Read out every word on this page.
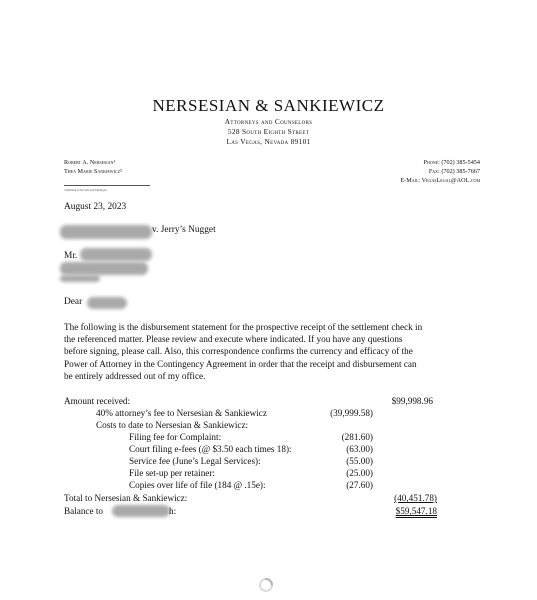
NERSESIAN & SANKIEWICZ
Attorneys and Counselors
528 South Eighth Street
Las Vegas, Nevada 89101
Robert A. Nersesian¹
Thea Marie Sankiewicz²
¹Admitted in Nevada and Michigan
Phone: (702) 385-5454
Fax: (702) 385-7667
E-Mail: VegasLegal@AOL.com
August 23, 2023
v. Jerry’s Nugget
Mr.
Dear
The following is the disbursement statement for the prospective receipt of the settlement check in
the referenced matter. Please review and execute where indicated. If you have any questions
before signing, please call. Also, this correspondence confirms the currency and efficacy of the
Power of Attorney in the Contingency Agreement in order that the receipt and disbursement can
be entirely addressed out of my office.
Amount received:	$99,998.96
40% attorney’s fee to Nersesian & Sankiewicz	(39,999.58)
Costs to date to Nersesian & Sankiewicz:
Filing fee for Complaint:	(281.60)
Court filing e-fees (@ $3.50 each times 18):	(63.00)
Service fee (June’s Legal Services):	(55.00)
File set-up per retainer:	(25.00)
Copies over life of file (184 @ .15e):	(27.60)
Total to Nersesian & Sankiewicz:	(40,451.78)
Balance to	h:	$59,547.18
